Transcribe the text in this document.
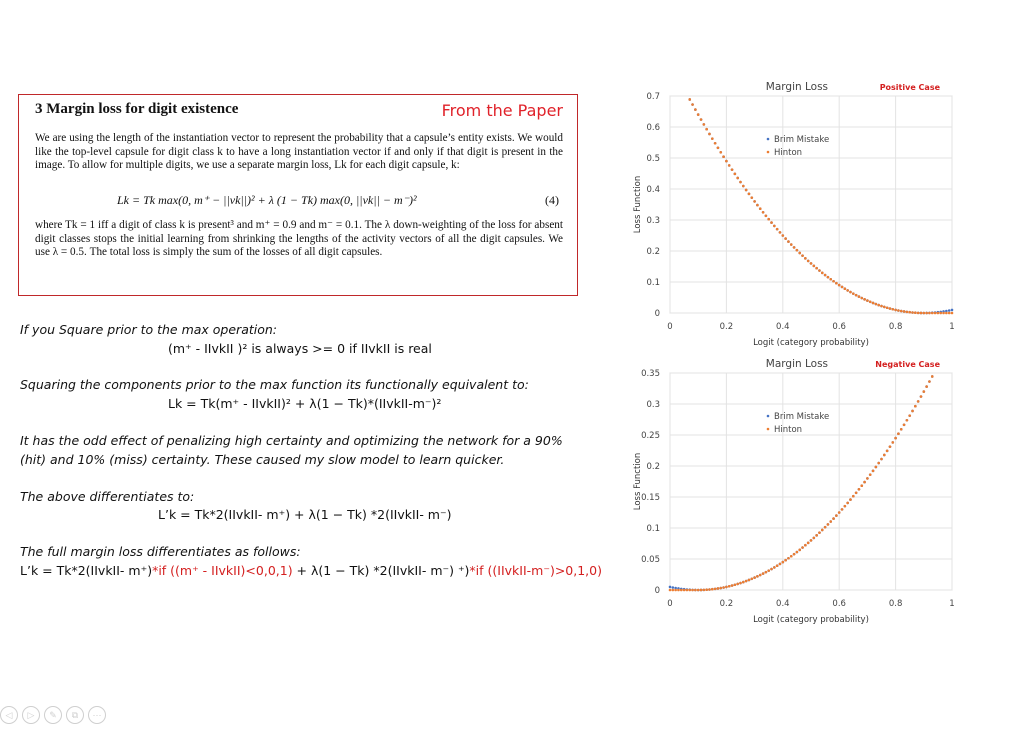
3 Margin loss for digit existence	From the Paper
We are using the length of the instantiation vector to represent the probability that a capsule’s entity exists. We would like the top-level capsule for digit class k to have a long instantiation vector if and only if that digit is present in the image. To allow for multiple digits, we use a separate margin loss, Lk for each digit capsule, k:
Lk = Tk max(0, m⁺ − ||vk||)² + λ (1 − Tk) max(0, ||vk|| − m⁻)²	(4)
where Tk = 1 iff a digit of class k is present³ and m⁺ = 0.9 and m⁻ = 0.1. The λ down-weighting of the loss for absent digit classes stops the initial learning from shrinking the lengths of the activity vectors of all the digit capsules. We use λ = 0.5. The total loss is simply the sum of the losses of all digit capsules.
If you Square prior to the max operation:
(m⁺ - IIvkII )² is always >= 0 if IIvkII is real
Squaring the components prior to the max function its functionally equivalent to:
Lk = Tk(m⁺ - IIvkII)² + λ(1 − Tk)*(IIvkII-m⁻)²
It has the odd effect of penalizing high certainty and optimizing the network for a 90%
(hit) and 10% (miss) certainty. These caused my slow model to learn quicker.
The above differentiates to:
L’k = Tk*2(IIvkII- m⁺) + λ(1 − Tk) *2(IIvkII- m⁻)
The full margin loss differentiates as follows:
L’k = Tk*2(IIvkII- m⁺)*if ((m⁺ - IIvkII)<0,0,1) + λ(1 − Tk) *2(IIvkII- m⁻) ⁺)*if ((IIvkII-m⁻)>0,1,0)
0
0.1
0.2
0.3
0.4
0.5
0.6
0.7
0	0.2	0.4	0.6	0.8	1
Margin Loss	Positive Case
Logit (category probability)
Loss Function
Brim Mistake
Hinton
0
0.05
0.1
0.15
0.2
0.25
0.3
0.35
0	0.2	0.4	0.6	0.8	1
Margin Loss	Negative Case
Logit (category probability)
Loss Function
Brim Mistake
Hinton
◁	▷	✎	⧉	⋯
